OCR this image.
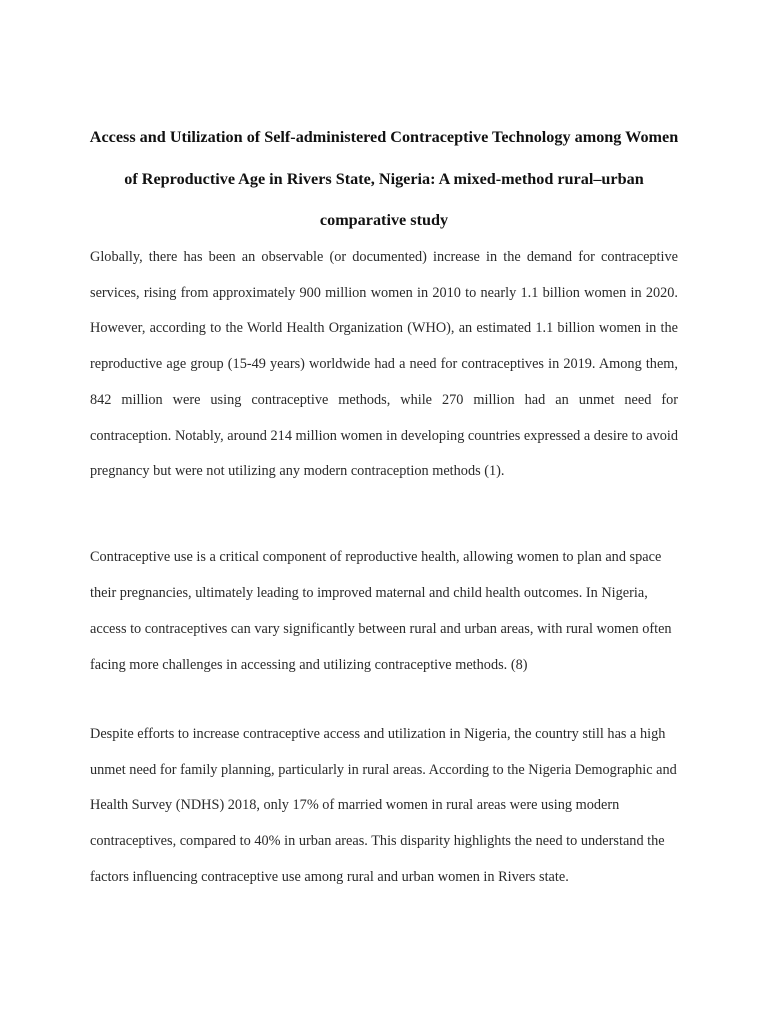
Access and Utilization of Self-administered Contraceptive Technology among Women of Reproductive Age in Rivers State, Nigeria: A mixed-method rural–urban comparative study

Globally, there has been an observable (or documented) increase in the demand for contraceptive services, rising from approximately 900 million women in 2010 to nearly 1.1 billion women in 2020. However, according to the World Health Organization (WHO), an estimated 1.1 billion women in the reproductive age group (15-49 years) worldwide had a need for contraceptives in 2019. Among them, 842 million were using contraceptive methods, while 270 million had an unmet need for contraception. Notably, around 214 million women in developing countries expressed a desire to avoid pregnancy but were not utilizing any modern contraception methods (1).

Contraceptive use is a critical component of reproductive health, allowing women to plan and space their pregnancies, ultimately leading to improved maternal and child health outcomes. In Nigeria, access to contraceptives can vary significantly between rural and urban areas, with rural women often facing more challenges in accessing and utilizing contraceptive methods. (8)

Despite efforts to increase contraceptive access and utilization in Nigeria, the country still has a high unmet need for family planning, particularly in rural areas. According to the Nigeria Demographic and Health Survey (NDHS) 2018, only 17% of married women in rural areas were using modern contraceptives, compared to 40% in urban areas. This disparity highlights the need to understand the factors influencing contraceptive use among rural and urban women in Rivers state.
